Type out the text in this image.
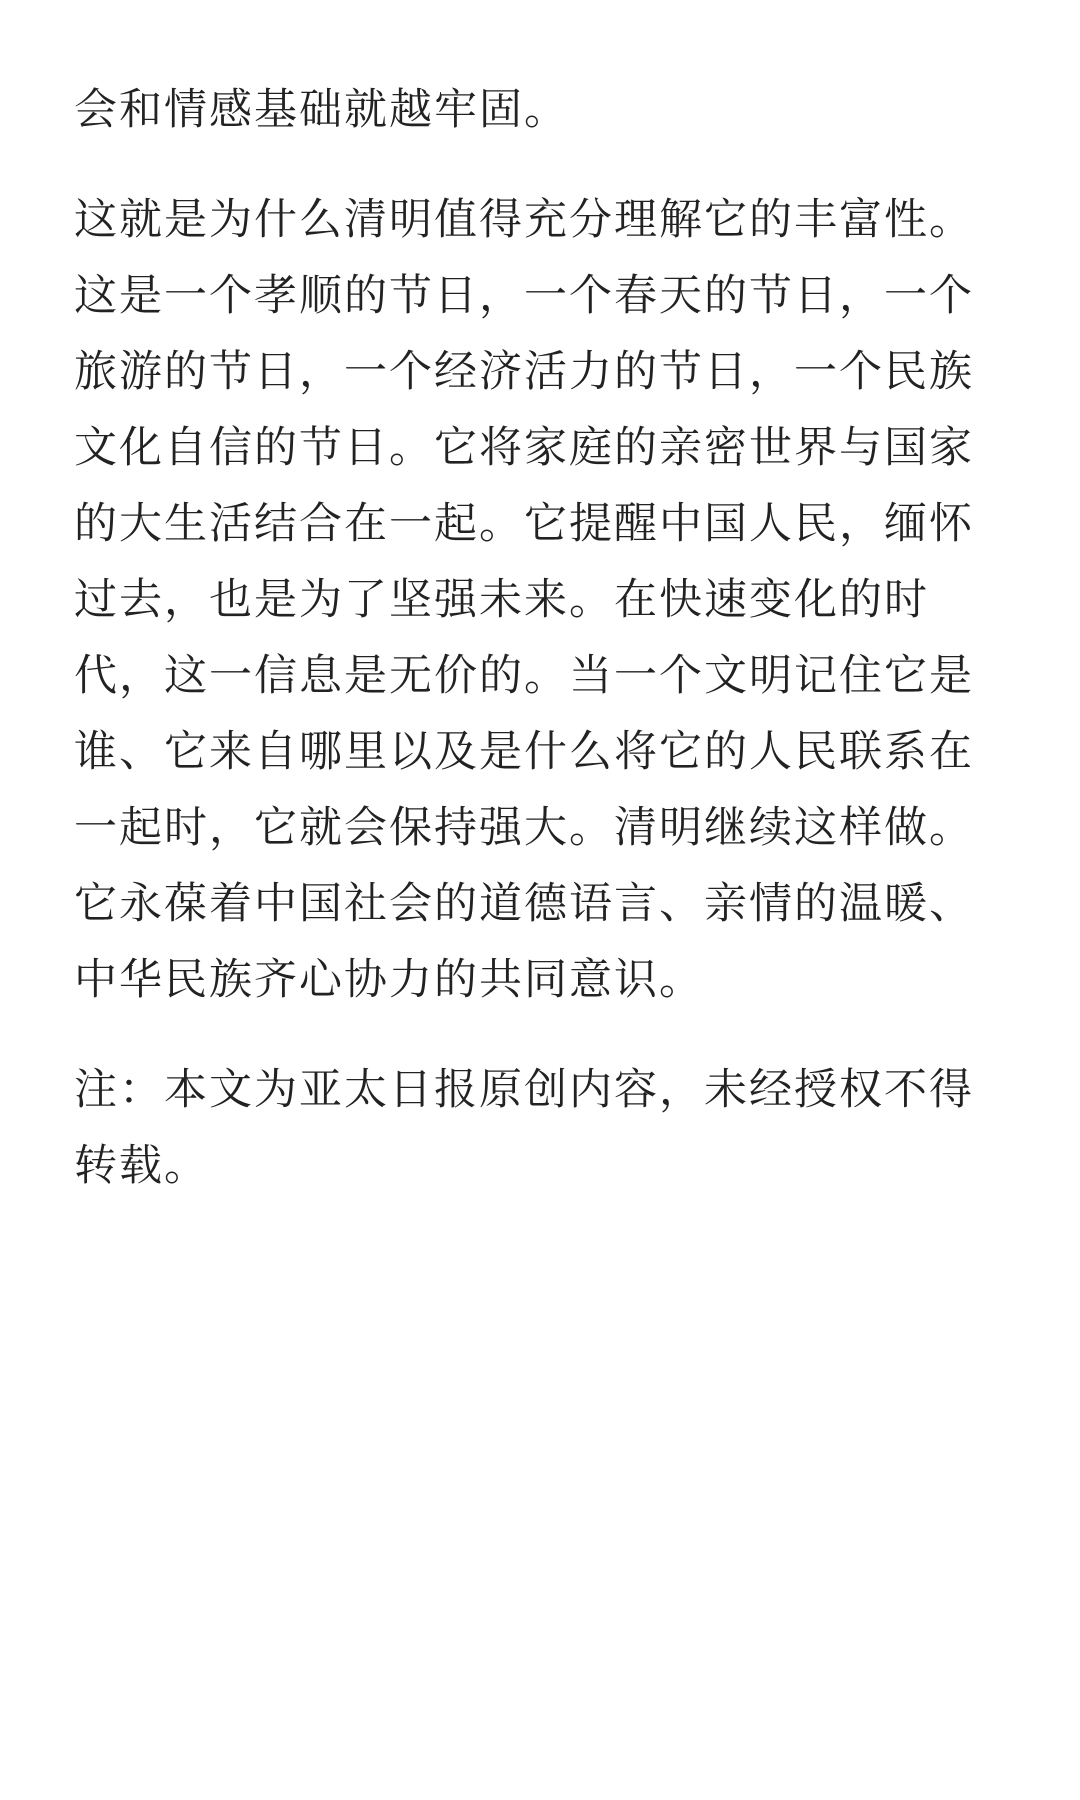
会和情感基础就越牢固。

这就是为什么清明值得充分理解它的丰富性。这是一个孝顺的节日，一个春天的节日，一个旅游的节日，一个经济活力的节日，一个民族文化自信的节日。它将家庭的亲密世界与国家的大生活结合在一起。它提醒中国人民，缅怀过去，也是为了坚强未来。在快速变化的时代，这一信息是无价的。当一个文明记住它是谁、它来自哪里以及是什么将它的人民联系在一起时，它就会保持强大。清明继续这样做。它永葆着中国社会的道德语言、亲情的温暖、中华民族齐心协力的共同意识。

注：本文为亚太日报原创内容，未经授权不得转载。
